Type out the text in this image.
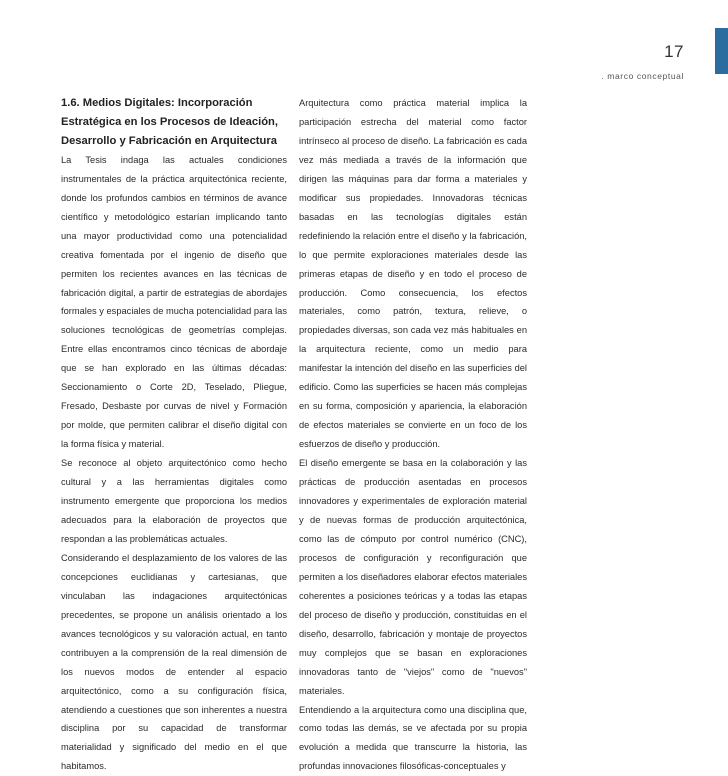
17
. marco conceptual
1.6. Medios Digitales: Incorporación Estratégica en los Procesos de Ideación, Desarrollo y Fabricación en Arquitectura

La Tesis indaga las actuales condiciones instrumentales de la práctica arquitectónica reciente, donde los profundos cambios en términos de avance científico y metodológico estarían implicando tanto una mayor productividad como una potencialidad creativa fomentada por el ingenio de diseño que permiten los recientes avances en las técnicas de fabricación digital, a partir de estrategias de abordajes formales y espaciales de mucha potencialidad para las soluciones tecnológicas de geometrías complejas. Entre ellas encontramos cinco técnicas de abordaje que se han explorado en las últimas décadas: Seccionamiento o Corte 2D, Teselado, Pliegue, Fresado, Desbaste por curvas de nivel y Formación por molde, que permiten calibrar el diseño digital con la forma física y material.

Se reconoce al objeto arquitectónico como hecho cultural y a las herramientas digitales como instrumento emergente que proporciona los medios adecuados para la elaboración de proyectos que respondan a las problemáticas actuales.

Considerando el desplazamiento de los valores de las concepciones euclidianas y cartesianas, que vinculaban las indagaciones arquitectónicas precedentes, se propone un análisis orientado a los avances tecnológicos y su valoración actual, en tanto contribuyen a la comprensión de la real dimensión de los nuevos modos de entender al espacio arquitectónico, como a su configuración física, atendiendo a cuestiones que son inherentes a nuestra disciplina por su capacidad de transformar materialidad y significado del medio en el que habitamos.

Arquitectura como práctica material implica la participación estrecha del material como factor intrínseco al proceso de diseño. La fabricación es cada vez más mediada a través de la información que dirigen las máquinas para dar forma a materiales y modificar sus propiedades. Innovadoras técnicas basadas en las tecnologías digitales están redefiniendo la relación entre el diseño y la fabricación, lo que permite exploraciones materiales desde las primeras etapas de diseño y en todo el proceso de producción. Como consecuencia, los efectos materiales, como patrón, textura, relieve, o propiedades diversas, son cada vez más habituales en la arquitectura reciente, como un medio para manifestar la intención del diseño en las superficies del edificio. Como las superficies se hacen más complejas en su forma, composición y apariencia, la elaboración de efectos materiales se convierte en un foco de los esfuerzos de diseño y producción.

El diseño emergente se basa en la colaboración y las prácticas de producción asentadas en procesos innovadores y experimentales de exploración material y de nuevas formas de producción arquitectónica, como las de cómputo por control numérico (CNC), procesos de configuración y reconfiguración que permiten a los diseñadores elaborar efectos materiales coherentes a posiciones teóricas y a todas las etapas del proceso de diseño y producción, constituidas en el diseño, desarrollo, fabricación y montaje de proyectos muy complejos que se basan en exploraciones innovadoras tanto de "viejos" como de "nuevos" materiales.

Entendiendo a la arquitectura como una disciplina que, como todas las demás, se ve afectada por su propia evolución a medida que transcurre la historia, las profundas innovaciones filosóficas-conceptuales y
